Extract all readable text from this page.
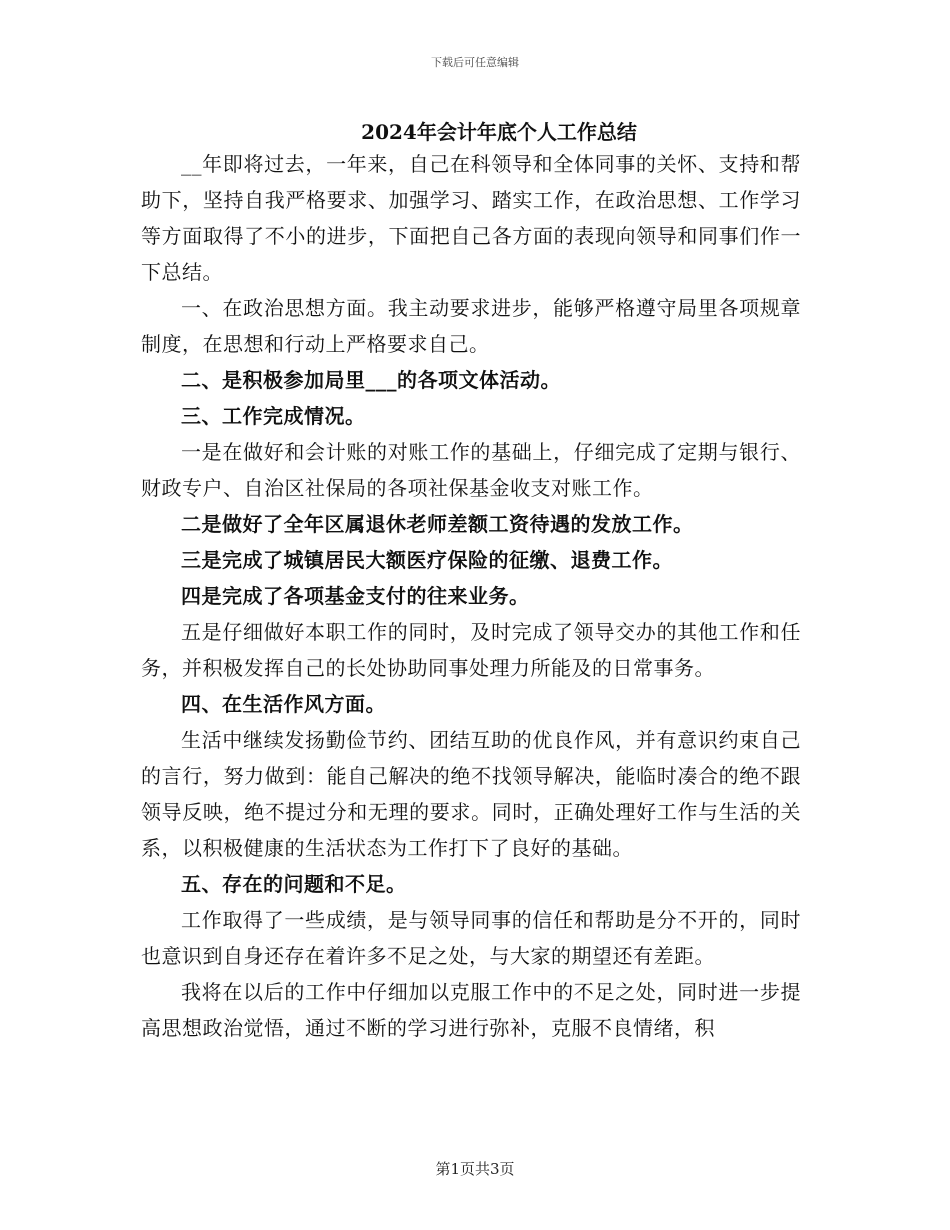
下载后可任意编辑
2024年会计年底个人工作总结

__年即将过去，一年来，自己在科领导和全体同事的关怀、支持和帮助下，坚持自我严格要求、加强学习、踏实工作，在政治思想、工作学习等方面取得了不小的进步，下面把自己各方面的表现向领导和同事们作一下总结。

一、在政治思想方面。我主动要求进步，能够严格遵守局里各项规章制度，在思想和行动上严格要求自己。

二、是积极参加局里___的各项文体活动。

三、工作完成情况。

一是在做好和会计账的对账工作的基础上，仔细完成了定期与银行、财政专户、自治区社保局的各项社保基金收支对账工作。

二是做好了全年区属退休老师差额工资待遇的发放工作。

三是完成了城镇居民大额医疗保险的征缴、退费工作。

四是完成了各项基金支付的往来业务。

五是仔细做好本职工作的同时，及时完成了领导交办的其他工作和任务，并积极发挥自己的长处协助同事处理力所能及的日常事务。

四、在生活作风方面。

生活中继续发扬勤俭节约、团结互助的优良作风，并有意识约束自己的言行，努力做到：能自己解决的绝不找领导解决，能临时凑合的绝不跟领导反映，绝不提过分和无理的要求。同时，正确处理好工作与生活的关系，以积极健康的生活状态为工作打下了良好的基础。

五、存在的问题和不足。

工作取得了一些成绩，是与领导同事的信任和帮助是分不开的，同时也意识到自身还存在着许多不足之处，与大家的期望还有差距。

我将在以后的工作中仔细加以克服工作中的不足之处，同时进一步提高思想政治觉悟，通过不断的学习进行弥补，克服不良情绪，积

第1页共3页
